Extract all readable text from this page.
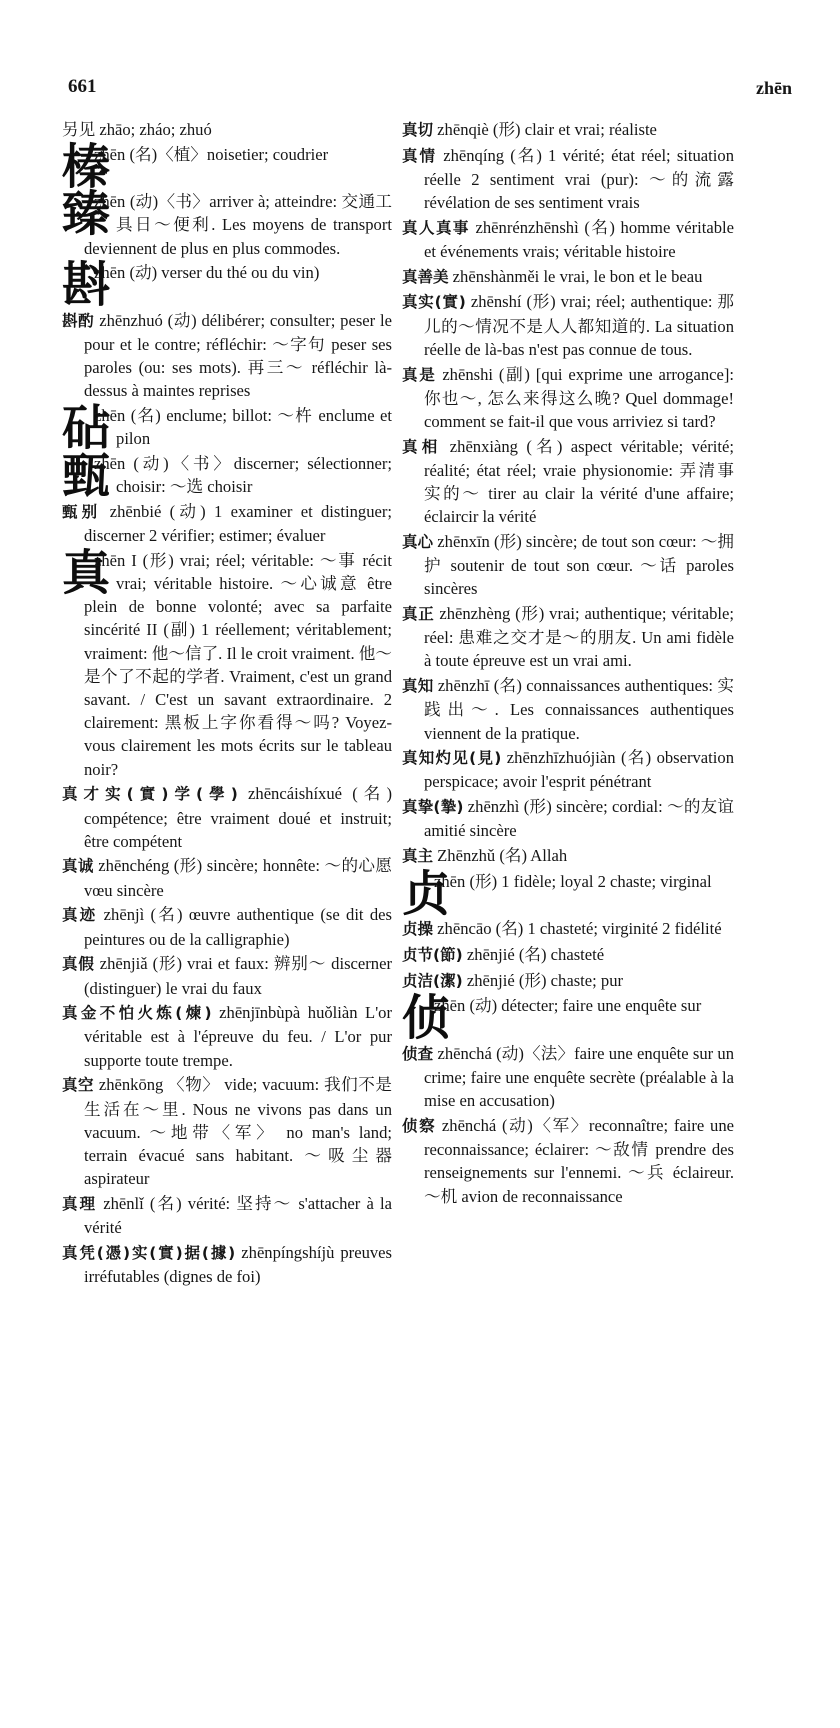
661	zhēn
另见 zhāo; zháo; zhuó
榛
zhēn (名)〈植〉noisetier; coudrier
臻
zhēn (动)〈书〉arriver à; atteindre: 交通工具日～便利. Les moyens de transport deviennent de plus en plus commodes.
斟
zhēn (动) verser du thé ou du vin)
斟酌 zhēnzhuó (动) délibérer; consulter; peser le pour et le contre; réfléchir: ～字句 peser ses paroles (ou: ses mots). 再三～ réfléchir là-dessus à maintes reprises
砧
zhēn (名) enclume; billot: ～杵 enclume et pilon
甄
zhēn (动)〈书〉discerner; sélectionner; choisir: ～选 choisir
甄别 zhēnbié (动) 1 examiner et distinguer; discerner 2 vérifier; estimer; évaluer
真
zhēn I (形) vrai; réel; véritable: ～事 récit vrai; véritable histoire. ～心诚意 être plein de bonne volonté; avec sa parfaite sincérité II (副) 1 réellement; véritablement; vraiment: 他～信了. Il le croit vraiment. 他～是个了不起的学者. Vraiment, c'est un grand savant. / C'est un savant extraordinaire. 2 clairement: 黑板上字你看得～吗? Voyez-vous clairement les mots écrits sur le tableau noir?
真才实(實)学(學) zhēncáishíxué (名) compétence; être vraiment doué et instruit; être compétent
真诚 zhēnchéng (形) sincère; honnête: ～的心愿 vœu sincère
真迹 zhēnjì (名) œuvre authentique (se dit des peintures ou de la calligraphie)
真假 zhēnjiǎ (形) vrai et faux: 辨别～ discerner (distinguer) le vrai du faux
真金不怕火炼(煉) zhēnjīnbùpà huǒliàn L'or véritable est à l'épreuve du feu. / L'or pur supporte toute trempe.
真空 zhēnkōng 〈物〉 vide; vacuum: 我们不是生活在～里. Nous ne vivons pas dans un vacuum. ～地带〈军〉 no man's land; terrain évacué sans habitant. ～吸尘器 aspirateur
真理 zhēnlǐ (名) vérité: 坚持～ s'attacher à la vérité
真凭(憑)实(實)据(據) zhēnpíngshíjù preuves irréfutables (dignes de foi)
真切 zhēnqiè (形) clair et vrai; réaliste
真情 zhēnqíng (名) 1 vérité; état réel; situation réelle 2 sentiment vrai (pur): ～的流露 révélation de ses sentiment vrais
真人真事 zhēnrénzhēnshì (名) homme véritable et événements vrais; véritable histoire
真善美 zhēnshànměi le vrai, le bon et le beau
真实(實) zhēnshí (形) vrai; réel; authentique: 那儿的～情况不是人人都知道的. La situation réelle de là-bas n'est pas connue de tous.
真是 zhēnshi (副) [qui exprime une arrogance]: 你也～, 怎么来得这么晚? Quel dommage! comment se fait-il que vous arriviez si tard?
真相 zhēnxiàng (名) aspect véritable; vérité; réalité; état réel; vraie physionomie: 弄清事实的～ tirer au clair la vérité d'une affaire; éclaircir la vérité
真心 zhēnxīn (形) sincère; de tout son cœur: ～拥护 soutenir de tout son cœur. ～话 paroles sincères
真正 zhēnzhèng (形) vrai; authentique; véritable; réel: 患难之交才是～的朋友. Un ami fidèle à toute épreuve est un vrai ami.
真知 zhēnzhī (名) connaissances authentiques: 实践出～. Les connaissances authentiques viennent de la pratique.
真知灼见(見) zhēnzhīzhuójiàn (名) observation perspicace; avoir l'esprit pénétrant
真挚(摯) zhēnzhì (形) sincère; cordial: ～的友谊 amitié sincère
真主 Zhēnzhǔ (名) Allah
贞
zhēn (形) 1 fidèle; loyal 2 chaste; virginal
贞操 zhēncāo (名) 1 chasteté; virginité 2 fidélité
贞节(節) zhēnjié (名) chasteté
贞洁(潔) zhēnjié (形) chaste; pur
侦
zhēn (动) détecter; faire une enquête sur
侦查 zhēnchá (动)〈法〉faire une enquête sur un crime; faire une enquête secrète (préalable à la mise en accusation)
侦察 zhēnchá (动)〈军〉reconnaître; faire une reconnaissance; éclairer: ～敌情 prendre des renseignements sur l'ennemi. ～兵 éclaireur. ～机 avion de reconnaissance
